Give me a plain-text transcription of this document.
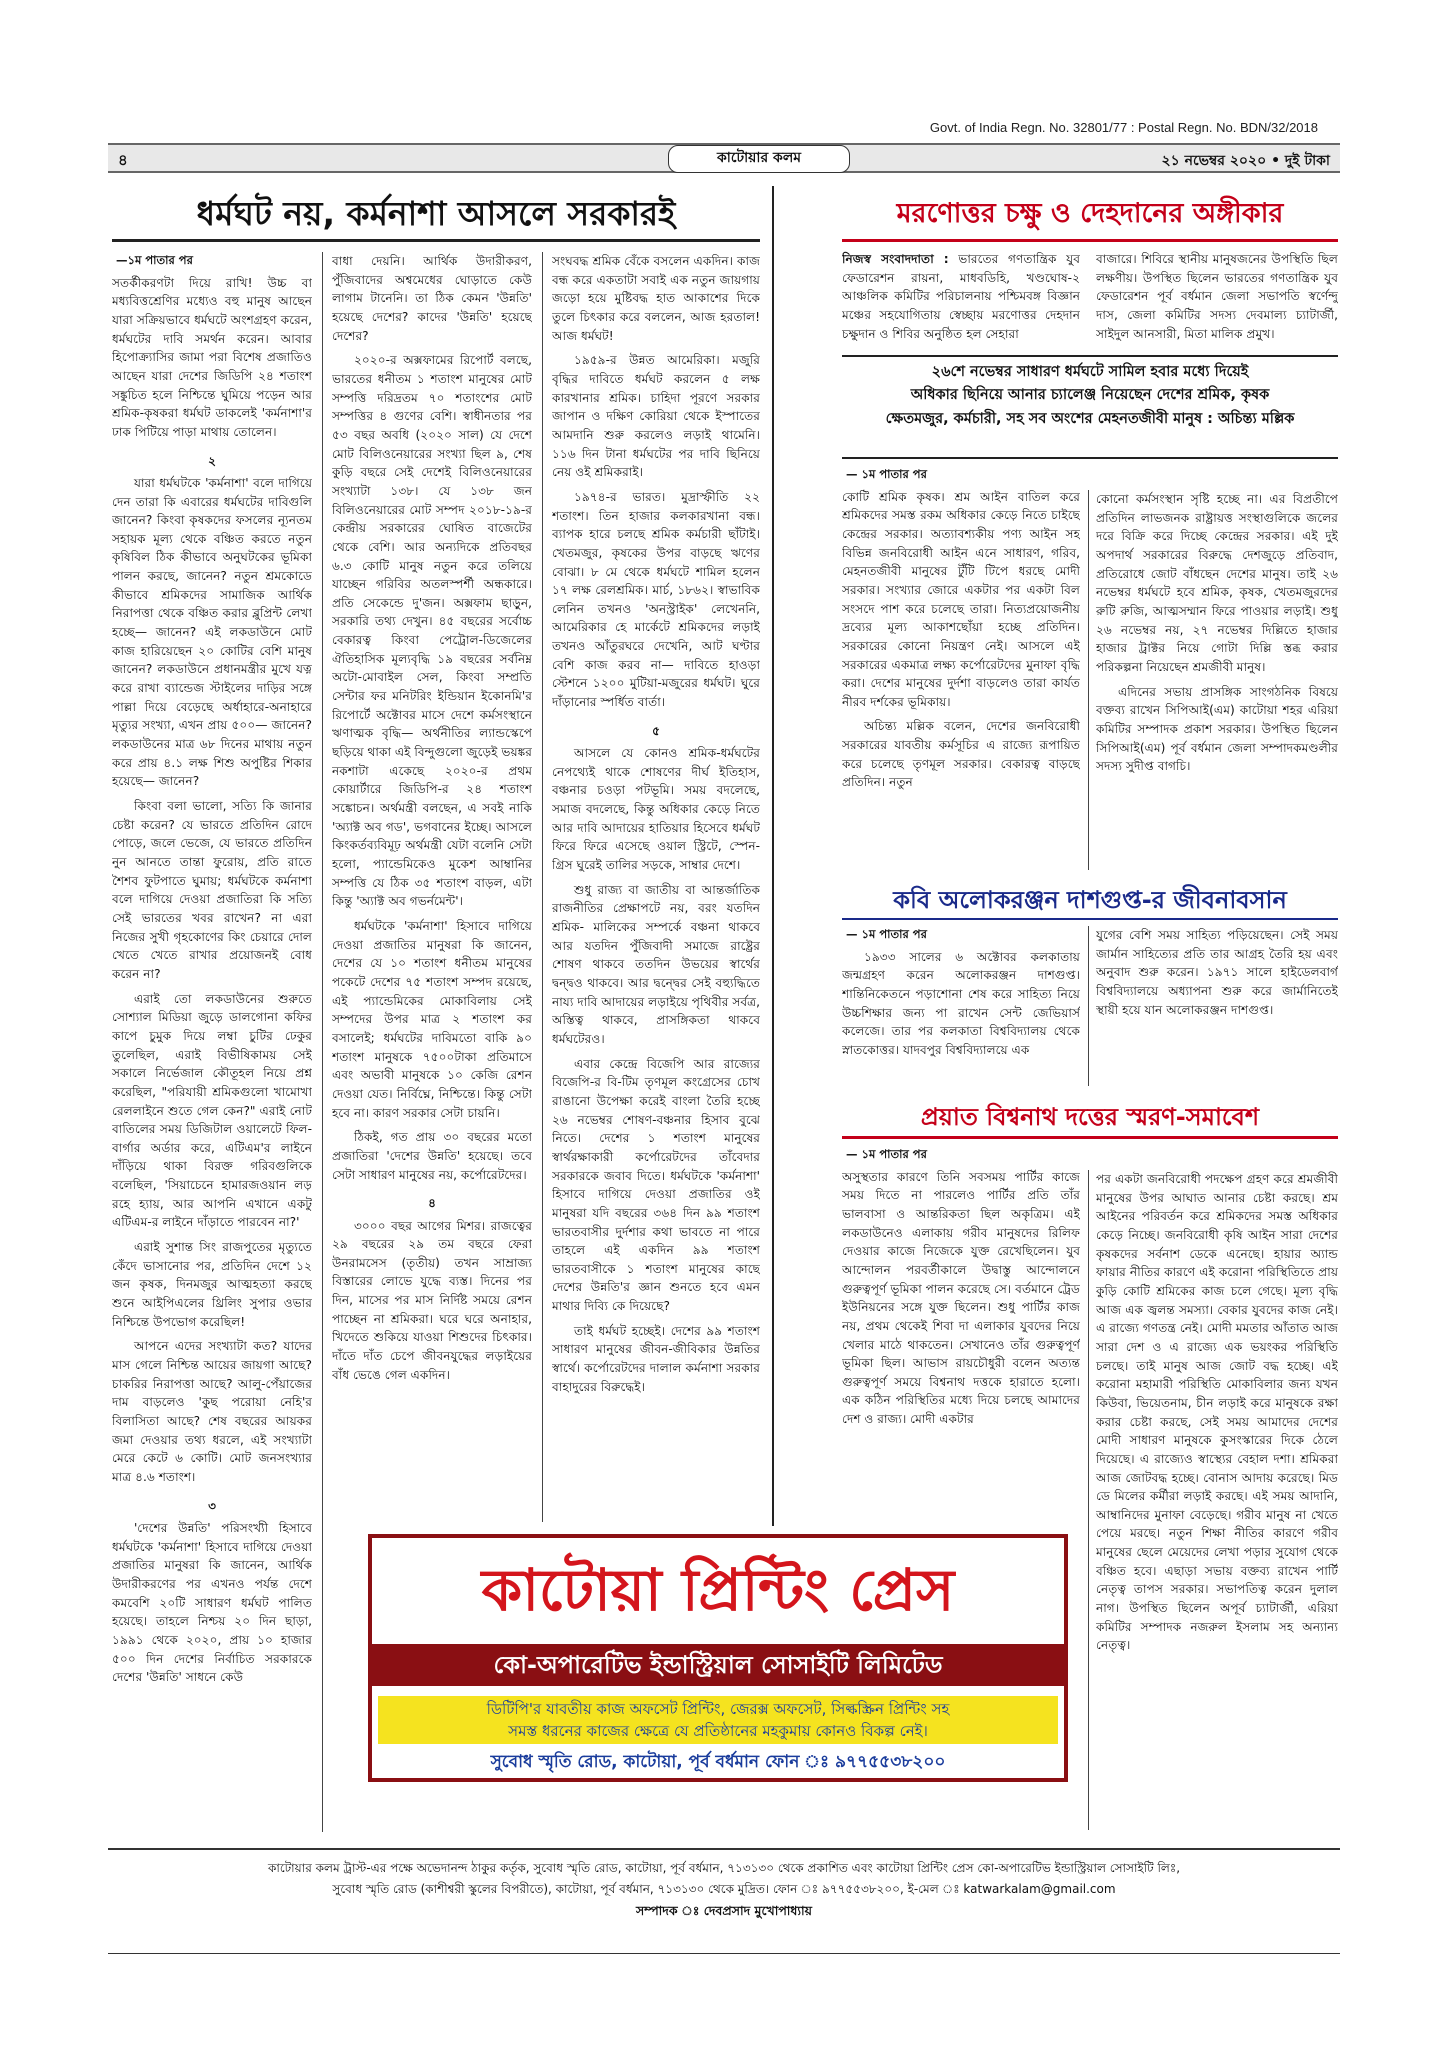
Govt. of India Regn. No. 32801/77 : Postal Regn. No. BDN/32/2018
৪	কাটোয়ার কলম	২১ নভেম্বর ২০২০ • দুই টাকা
ধর্মঘট নয়, কর্মনাশা আসলে সরকারই
—১ম পাতার পর

সতর্কীকরণটা দিয়ে রাখি! উচ্চ বা মধ্যবিত্তশ্রেণির মধ্যেও বহু মানুষ আছেন যারা সক্রিয়ভাবে ধর্মঘটে অংশগ্রহণ করেন, ধর্মঘটের দাবি সমর্থন করেন। আবার হিপোক্র্যাসির জামা পরা বিশেষ প্রজাতিও আছেন যারা দেশের জিডিপি ২৪ শতাংশ সঙ্কুচিত হলে নিশ্চিন্তে ঘুমিয়ে পড়েন আর শ্রমিক-কৃষকরা ধর্মঘট ডাকলেই 'কর্মনাশা'র ঢাক পিটিয়ে পাড়া মাথায় তোলেন।

২

যারা ধর্মঘটকে 'কর্মনাশা' বলে দাগিয়ে দেন তারা কি এবারের ধর্মঘটের দাবিগুলি জানেন? কিংবা কৃষকদের ফসলের ন্যূনতম সহায়ক মূল্য থেকে বঞ্চিত করতে নতুন কৃষিবিল ঠিক কীভাবে অনুঘটকের ভূমিকা পালন করছে, জানেন? নতুন শ্রমকোডে কীভাবে শ্রমিকদের সামাজিক আর্থিক নিরাপত্তা থেকে বঞ্চিত করার ব্লুপ্রিন্ট লেখা হচ্ছে— জানেন? এই লকডাউনে মোট কাজ হারিয়েছেন ২০ কোটির বেশি মানুষ জানেন? লকডাউনে প্রধানমন্ত্রীর মুখে যত্ন করে রাখা ব্যান্ডেজ স্টাইলের দাড়ির সঙ্গে পাল্লা দিয়ে বেড়েছে অর্ধাহারে-অনাহারে মৃত্যুর সংখ্যা, এখন প্রায় ৫০০— জানেন? লকডাউনের মাত্র ৬৮ দিনের মাথায় নতুন করে প্রায় ৪.১ লক্ষ শিশু অপুষ্টির শিকার হয়েছে— জানেন?

কিংবা বলা ভালো, সত্যি কি জানার চেষ্টা করেন? যে ভারতে প্রতিদিন রোদে পোড়ে, জলে ভেজে, যে ভারতে প্রতিদিন নুন আনতে তান্তা ফুরোয়, প্রতি রাতে শৈশব ফুটপাতে ঘুমায়; ধর্মঘটকে কর্মনাশা বলে দাগিয়ে দেওয়া প্রজাতিরা কি সত্যি সেই ভারতের খবর রাখেন? না এরা নিজের সুখী গৃহকোণের কিং চেয়ারে দোল খেতে খেতে রাখার প্রয়োজনই বোধ করেন না?

এরাই তো লকডাউনের শুরুতে সোশ্যাল মিডিয়া জুড়ে ডালগোনা কফির কাপে চুমুক দিয়ে লম্বা চুটির ঢেকুর তুলেছিল, এরাই বিভীষিকাময় সেই সকালে নির্ভেজাল কৌতূহল নিয়ে প্রশ্ন করেছিল, "পরিযায়ী শ্রমিকগুলো খামোখা রেললাইনে শুতে গেল কেন?" এরাই নোট বাতিলের সময় ডিজিটাল ওয়ালেটে ফিল-বার্গার অর্ডার করে, এটিএম'র লাইনে দাঁড়িয়ে থাকা বিরক্ত গরিবগুলিকে বলেছিল, 'সিয়াচেনে হামারজওয়ান লড় রহে হ্যায়, আর আপনি এখানে একটু এটিএম-র লাইনে দাঁড়াতে পারবেন না?'

এরাই সুশান্ত সিং রাজপুতের মৃত্যুতে কেঁদে ভাসানোর পর, প্রতিদিন দেশে ১২ জন কৃষক, দিনমজুর আত্মহত্যা করছে শুনে আইপিএলের থ্রিলিং সুপার ওভার নিশ্চিন্তে উপভোগ করেছিল!

আপনে এদের সংখ্যাটা কত? যাদের মাস গেলে নিশ্চিন্ত আয়ের জায়গা আছে? চাকরির নিরাপত্তা আছে? আলু-পেঁয়াজের দাম বাড়লেও 'কুছ পরোয়া নেহি'র বিলাসিতা আছে? শেষ বছরের আয়কর জমা দেওয়ার তথ্য ধরলে, এই সংখ্যাটা মেরে কেটে ৬ কোটি। মোট জনসংখ্যার মাত্র ৪.৬ শতাংশ।

৩

'দেশের উন্নতি' পরিসংখ্যী হিসাবে ধর্মঘটকে 'কর্মনাশা' হিসাবে দাগিয়ে দেওয়া প্রজাতির মানুষরা কি জানেন, আর্থিক উদারীকরণের পর এখনও পর্যন্ত দেশে কমবেশি ২০টি সাধারণ ধর্মঘট পালিত হয়েছে। তাহলে নিশ্চয় ২০ দিন ছাড়া, ১৯৯১ থেকে ২০২০, প্রায় ১০ হাজার ৫০০ দিন দেশের নির্বাচিত সরকারকে দেশের 'উন্নতি' সাধনে কেউ

বাধা দেয়নি। আর্থিক উদারীকরণ, পুঁজিবাদের অশ্বমেধের ঘোড়াতে কেউ লাগাম টানেনি। তা ঠিক কেমন 'উন্নতি' হয়েছে দেশের? কাদের 'উন্নতি' হয়েছে দেশের?

২০২০-র অক্সফামের রিপোর্ট বলছে, ভারতের ধনীতম ১ শতাংশ মানুষের মোট সম্পত্তি দরিদ্রতম ৭০ শতাংশের মোট সম্পত্তির ৪ গুণের বেশি। স্বাধীনতার পর ৫৩ বছর অবধি (২০২০ সাল) যে দেশে মোট বিলিওনেয়ারের সংখ্যা ছিল ৯, শেষ কুড়ি বছরে সেই দেশেই বিলিওনেয়ারের সংখ্যাটা ১৩৮। যে ১৩৮ জন বিলিওনেয়ারের মোট সম্পদ ২০১৮-১৯-র কেন্দ্রীয় সরকারের ঘোষিত বাজেটের থেকে বেশি। আর অন্যদিকে প্রতিবছর ৬.৩ কোটি মানুষ নতুন করে তলিয়ে যাচ্ছেন গরিবির অতলস্পর্শী অন্ধকারে। প্রতি সেকেন্ডে দু'জন। অক্সফাম ছাড়ুন, সরকারি তথ্য দেখুন। ৪৫ বছরের সর্বোচ্চ বেকারত্ব কিংবা পেট্রোল-ডিজেলের ঐতিহাসিক মূল্যবৃদ্ধি ১৯ বছরের সর্বনিম্ন অটো-মোবাইল সেল, কিংবা সম্প্রতি সেন্টার ফর মনিটরিং ইন্ডিয়ান ইকোনমি'র রিপোর্টে অক্টোবর মাসে দেশে কর্মসংস্থানে ঋণাত্মক বৃদ্ধি— অর্থনীতির ল্যান্ডস্কেপে ছড়িয়ে থাকা এই বিন্দুগুলো জুড়েই ভয়ঙ্কর নকশাটা একেছে ২০২০-র প্রথম কোয়ার্টারে জিডিপি-র ২৪ শতাংশ সঙ্কোচন। অর্থমন্ত্রী বলছেন, এ সবই নাকি 'অ্যাক্ট অব গড', ভগবানের ইচ্ছে। আসলে কিংকর্তব্যবিমূঢ় অর্থমন্ত্রী যেটা বলেনি সেটা হলো, প্যান্ডেমিকেও মুকেশ আম্বানির সম্পত্তি যে ঠিক ৩৫ শতাংশ বাড়ল, এটা কিন্তু 'অ্যাক্ট অব গভর্নমেন্ট'।

ধর্মঘটকে 'কর্মনাশা' হিসাবে দাগিয়ে দেওয়া প্রজাতির মানুষরা কি জানেন, দেশের যে ১০ শতাংশ ধনীতম মানুষের পকেটে দেশের ৭৫ শতাংশ সম্পদ রয়েছে, এই প্যান্ডেমিকের মোকাবিলায় সেই সম্পদের উপর মাত্র ২ শতাংশ কর বসালেই; ধর্মঘটের দাবিমতো বাকি ৯০ শতাংশ মানুষকে ৭৫০০টাকা প্রতিমাসে এবং অভাবী মানুষকে ১০ কেজি রেশন দেওয়া যেত। নির্বিঘ্নে, নিশ্চিন্তে। কিন্তু সেটা হবে না। কারণ সরকার সেটা চায়নি।

ঠিকই, গত প্রায় ৩০ বছরের মতো প্রজাতিরা 'দেশের উন্নতি' হয়েছে। তবে সেটা সাধারণ মানুষের নয়, কর্পোরেটদের।

৪

৩০০০ বছর আগের মিশর। রাজত্বের ২৯ বছরের ২৯ তম বছরে ফেরা উনরামসেস (তৃতীয়) তখন সাম্রাজ্য বিস্তারের লোভে যুদ্ধে ব্যস্ত। দিনের পর দিন, মাসের পর মাস নির্দিষ্ট সময়ে রেশন পাচ্ছেন না শ্রমিকরা। ঘরে ঘরে অনাহার, খিদেতে শুকিয়ে যাওয়া শিশুদের চিৎকার। দাঁতে দাঁত চেপে জীবনযুদ্ধের লড়াইয়ের বাঁধ ভেঙে গেল একদিন।

সংঘবদ্ধ শ্রমিক বেঁকে বসলেন একদিন। কাজ বন্ধ করে একতাটা সবাই এক নতুন জায়গায় জড়ো হয়ে মুষ্টিবদ্ধ হাত আকাশের দিকে তুলে চিৎকার করে বললেন, আজ হরতাল! আজ ধর্মঘট!

১৯৫৯-র উন্নত আমেরিকা। মজুরি বৃদ্ধির দাবিতে ধর্মঘট করলেন ৫ লক্ষ কারখানার শ্রমিক। চাহিদা পূরণে সরকার জাপান ও দক্ষিণ কোরিয়া থেকে ইস্পাতের আমদানি শুরু করলেও লড়াই থামেনি। ১১৬ দিন টানা ধর্মঘটের পর দাবি ছিনিয়ে নেয় ওই শ্রমিকরাই।

১৯৭৪-র ভারত। মুদ্রাস্ফীতি ২২ শতাংশ। তিন হাজার কলকারখানা বন্ধ। ব্যাপক হারে চলছে শ্রমিক কর্মচারী ছাঁটাই। খেতমজুর, কৃষকের উপর বাড়ছে ঋণের বোঝা। ৮ মে থেকে ধর্মঘটে শামিল হলেন ১৭ লক্ষ রেলশ্রমিক। মার্চ, ১৮৬২। স্বাভাবিক লেনিন তখনও 'অনস্ট্রাইক' লেখেননি, আমেরিকার হে মার্কেটে শ্রমিকদের লড়াই তখনও আঁতুরঘরে দেখেনি, আট ঘণ্টার বেশি কাজ করব না— দাবিতে হাওড়া স্টেশনে ১২০০ মুটিয়া-মজুরের ধর্মঘট। ঘুরে দাঁড়ানোর স্পর্ধিত বার্তা।

৫

আসলে যে কোনও শ্রমিক-ধর্মঘটের নেপথ্যেই থাকে শোষণের দীর্ঘ ইতিহাস, বঞ্চনার চওড়া পটভূমি। সময় বদলেছে, সমাজ বদলেছে, কিন্তু অধিকার কেড়ে নিতে আর দাবি আদায়ের হাতিয়ার হিসেবে ধর্মঘট ফিরে ফিরে এসেছে ওয়াল স্ট্রিটে, স্পেন-গ্রিস ঘুরেই তালির সড়কে, সাম্বার দেশে।

শুধু রাজ্য বা জাতীয় বা আন্তর্জাতিক রাজনীতির প্রেক্ষাপটে নয়, বরং যতদিন শ্রমিক- মালিকের সম্পর্কে বঞ্চনা থাকবে আর যতদিন পুঁজিবাদী সমাজে রাষ্ট্রের শোষণ থাকবে ততদিন উভয়ের স্বার্থের দ্বন্দ্বও থাকবে। আর দ্বন্দ্বের সেই বহ্যুদ্ধিতে নায্য দাবি আদায়ের লড়াইয়ে পৃথিবীর সর্বত্র, অস্তিত্ব থাকবে, প্রাসঙ্গিকতা থাকবে ধর্মঘটেরও।

এবার কেন্দ্রে বিজেপি আর রাজ্যের বিজেপি-র বি-টিম তৃণমূল কংগ্রেসের চোখ রাঙানো উপেক্ষা করেই বাংলা তৈরি হচ্ছে ২৬ নভেম্বর শোষণ-বঞ্চনার হিসাব বুঝে নিতে। দেশের ১ শতাংশ মানুষের স্বার্থরক্ষাকারী কর্পোরেটদের তাঁবেদার সরকারকে জবাব দিতে। ধর্মঘটকে 'কর্মনাশা' হিসাবে দাগিয়ে দেওয়া প্রজাতির ওই মানুষরা যদি বছরের ৩৬৪ দিন ৯৯ শতাংশ ভারতবাসীর দুর্দশার কথা ভাবতে না পারে তাহলে এই একদিন ৯৯ শতাংশ ভারতবাসীকে ১ শতাংশ মানুষের কাছে দেশের উন্নতি'র জ্ঞান শুনতে হবে এমন মাথার দিব্যি কে দিয়েছে?

তাই ধর্মঘট হচ্ছেই। দেশের ৯৯ শতাংশ সাধারণ মানুষের জীবন-জীবিকার উন্নতির স্বার্থে। কর্পোরেটদের দালাল কর্মনাশা সরকার বাহাদুরের বিরুদ্ধেই।

মরণোত্তর চক্ষু ও দেহদানের অঙ্গীকার

নিজস্ব সংবাদদাতা : ভারতের গণতান্ত্রিক যুব ফেডারেশন রায়না, মাধবডিহি, খণ্ডঘোষ-২ আঞ্চলিক কমিটির পরিচালনায় পশ্চিমবঙ্গ বিজ্ঞান মঞ্চের সহযোগিতায় স্বেচ্ছায় মরণোত্তর দেহদান চক্ষুদান ও শিবির অনুষ্ঠিত হল সেহারা

বাজারে। শিবিরে স্থানীয় মানুষজনের উপস্থিতি ছিল লক্ষণীয়। উপস্থিত ছিলেন ভারতের গণতান্ত্রিক যুব ফেডারেশন পূর্ব বর্ধমান জেলা সভাপতি স্বর্ণেন্দু দাস, জেলা কমিটির সদস্য দেবমাল্য চ্যাটার্জী, সাইদুল আনসারী, মিতা মালিক প্রমুখ।

২৬শে নভেম্বর সাধারণ ধর্মঘটে সামিল হবার মধ্যে দিয়েই
অধিকার ছিনিয়ে আনার চ্যালেঞ্জ নিয়েছেন দেশের শ্রমিক, কৃষক
ক্ষেতমজুর, কর্মচারী, সহ সব অংশের মেহনতজীবী মানুষ : অচিন্ত্য মল্লিক
— ১ম পাতার পর

কোটি শ্রমিক কৃষক। শ্রম আইন বাতিল করে শ্রমিকদের সমস্ত রকম অধিকার কেড়ে নিতে চাইছে কেন্দ্রের সরকার। অত্যাবশ্যকীয় পণ্য আইন সহ বিভিন্ন জনবিরোধী আইন এনে সাধারণ, গরিব, মেহনতজীবী মানুষের টুঁটি টিপে ধরছে মোদী সরকার। সংখ্যার জোরে একটার পর একটা বিল সংসদে পাশ করে চলেছে তারা। নিত্যপ্রয়োজনীয় দ্রব্যের মূল্য আকাশছোঁয়া হচ্ছে প্রতিদিন। সরকারের কোনো নিয়ন্ত্রণ নেই। আসলে এই সরকারের একমাত্র লক্ষ্য কর্পোরেটদের মুনাফা বৃদ্ধি করা। দেশের মানুষের দুর্দশা বাড়লেও তারা কার্যত নীরব দর্শকের ভূমিকায়।

অচিন্ত্য মল্লিক বলেন, দেশের জনবিরোধী সরকারের যাবতীয় কর্মসূচির এ রাজ্যে রূপায়িত করে চলেছে তৃণমূল সরকার। বেকারত্ব বাড়ছে প্রতিদিন। নতুন

কোনো কর্মসংস্থান সৃষ্টি হচ্ছে না। এর বিপ্রতীপে প্রতিদিন লাভজনক রাষ্ট্রায়ত্ত সংস্থাগুলিকে জলের দরে বিক্রি করে দিচ্ছে কেন্দ্রের সরকার। এই দুই অপদার্থ সরকারের বিরুদ্ধে দেশজুড়ে প্রতিবাদ, প্রতিরোধে জোট বাঁধছেন দেশের মানুষ। তাই ২৬ নভেম্বর ধর্মঘটে হবে শ্রমিক, কৃষক, খেতমজুরদের রুটি রুজি, আত্মসম্মান ফিরে পাওয়ার লড়াই। শুধু ২৬ নভেম্বর নয়, ২৭ নভেম্বর দিল্লিতে হাজার হাজার ট্রাক্টর নিয়ে গোটা দিল্লি স্তব্ধ করার পরিকল্পনা নিয়েছেন শ্রমজীবী মানুষ।

এদিনের সভায় প্রাসঙ্গিক সাংগঠনিক বিষয়ে বক্তব্য রাখেন সিপিআই(এম) কাটোয়া শহর এরিয়া কমিটির সম্পাদক প্রকাশ সরকার। উপস্থিত ছিলেন সিপিআই(এম) পূর্ব বর্ধমান জেলা সম্পাদকমণ্ডলীর সদস্য সুদীপ্ত বাগচি।

কবি অলোকরঞ্জন দাশগুপ্ত-র জীবনাবসান
— ১ম পাতার পর

১৯৩৩ সালের ৬ অক্টোবর কলকাতায় জন্মগ্রহণ করেন অলোকরঞ্জন দাশগুপ্ত। শান্তিনিকেতনে পড়াশোনা শেষ করে সাহিত্য নিয়ে উচ্চশিক্ষার জন্য পা রাখেন সেন্ট জেভিয়ার্স কলেজে। তার পর কলকাতা বিশ্ববিদ্যালয় থেকে স্নাতকোত্তর। যাদবপুর বিশ্ববিদ্যালয়ে এক

যুগের বেশি সময় সাহিত্য পড়িয়েছেন। সেই সময় জার্মান সাহিত্যের প্রতি তার আগ্রহ তৈরি হয় এবং অনুবাদ শুরু করেন। ১৯৭১ সালে হাইডেলবার্গ বিশ্ববিদ্যালয়ে অধ্যাপনা শুরু করে জার্মানিতেই স্থায়ী হয়ে যান অলোকরঞ্জন দাশগুপ্ত।

প্রয়াত বিশ্বনাথ দত্তের স্মরণ-সমাবেশ
— ১ম পাতার পর

অসুস্থতার কারণে তিনি সবসময় পার্টির কাজে সময় দিতে না পারলেও পার্টির প্রতি তাঁর ভালবাসা ও আন্তরিকতা ছিল অকৃত্রিম। এই লকডাউনেও এলাকায় গরীব মানুষদের রিলিফ দেওয়ার কাজে নিজেকে যুক্ত রেখেছিলেন। যুব আন্দোলন পরবর্তীকালে উদ্বাস্তু আন্দোলনে গুরুত্বপূর্ণ ভূমিকা পালন করেছে সে। বর্তমানে ট্রেড ইউনিয়নের সঙ্গে যুক্ত ছিলেন। শুধু পার্টির কাজ নয়, প্রথম থেকেই শিবা দা এলাকার যুবদের নিয়ে খেলার মাঠে থাকতেন। সেখানেও তাঁর গুরুত্বপূর্ণ ভূমিকা ছিল। আভাস রায়চৌধুরী বলেন অত্যন্ত গুরুত্বপূর্ণ সময়ে বিশ্বনাথ দত্তকে হারাতে হলো। এক কঠিন পরিস্থিতির মধ্যে দিয়ে চলছে আমাদের দেশ ও রাজ্য। মোদী একটার

পর একটা জনবিরোধী পদক্ষেপ গ্রহণ করে শ্রমজীবী মানুষের উপর আঘাত আনার চেষ্টা করছে। শ্রম আইনের পরিবর্তন করে শ্রমিকদের সমস্ত অধিকার কেড়ে নিচ্ছে। জনবিরোধী কৃষি আইন সারা দেশের কৃষকদের সর্বনাশ ডেকে এনেছে। হায়ার অ্যান্ড ফায়ার নীতির কারণে এই করোনা পরিস্থিতিতে প্রায় কুড়ি কোটি শ্রমিকের কাজ চলে গেছে। মূল্য বৃদ্ধি আজ এক জ্বলন্ত সমস্যা। বেকার যুবদের কাজ নেই। এ রাজ্যে গণতন্ত্র নেই। মোদী মমতার আঁতাত আজ সারা দেশ ও এ রাজ্যে এক ভয়ংকর পরিস্থিতি চলছে। তাই মানুষ আজ জোট বদ্ধ হচ্ছে। এই করোনা মহামারী পরিস্থিতি মোকাবিলার জন্য যখন কিউবা, ভিয়েতনাম, চীন লড়াই করে মানুষকে রক্ষা করার চেষ্টা করছে, সেই সময় আমাদের দেশের মোদী সাধারণ মানুষকে কুসংস্কারের দিকে ঠেলে দিয়েছে। এ রাজ্যেও স্বাস্থ্যের বেহাল দশা। শ্রমিকরা আজ জোটবদ্ধ হচ্ছে। বোনাস আদায় করেছে। মিড ডে মিলের কর্মীরা লড়াই করছে। এই সময় আদানি, আম্বানিদের মুনাফা বেড়েছে। গরীব মানুষ না খেতে পেয়ে মরছে। নতুন শিক্ষা নীতির কারণে গরীব মানুষের ছেলে মেয়েদের লেখা পড়ার সুযোগ থেকে বঞ্চিত হবে। এছাড়া সভায় বক্তব্য রাখেন পার্টি নেতৃত্ব তাপস সরকার। সভাপতিত্ব করেন দুলাল নাগ। উপস্থিত ছিলেন অপূর্ব চ্যাটার্জী, এরিয়া কমিটির সম্পাদক নজরুল ইসলাম সহ অন্যান্য নেতৃত্ব।

কাটোয়া প্রিন্টিং প্রেস
কো-অপারেটিভ ইন্ডাস্ট্রিয়াল সোসাইটি লিমিটেড
ডিটিপি'র যাবতীয় কাজ অফসেট প্রিন্টিং, জেরক্স অফসেট, সিল্কস্ক্রিন প্রিন্টিং সহ
সমস্ত ধরনের কাজের ক্ষেত্রে যে প্রতিষ্ঠানের মহকুমায় কোনও বিকল্প নেই।
সুবোধ স্মৃতি রোড, কাটোয়া, পূর্ব বর্ধমান ফোন ঃ ৯৭৭৫৫৩৮২০০
কাটোয়ার কলম ট্রাস্ট-এর পক্ষে অভেদানন্দ ঠাকুর কর্তৃক, সুবোধ স্মৃতি রোড, কাটোয়া, পূর্ব বর্ধমান, ৭১৩১৩০ থেকে প্রকাশিত এবং কাটোয়া প্রিন্টিং প্রেস কো-অপারেটিভ ইন্ডাস্ট্রিয়াল সোসাইটি লিঃ,
সুবোধ স্মৃতি রোড (কাশীশ্বরী স্কুলের বিপরীতে), কাটোয়া, পূর্ব বর্ধমান, ৭১৩১৩০ থেকে মুদ্রিত। ফোন ঃ ৯৭৭৫৫৩৮২০০, ই-মেল ঃ katwarkalam@gmail.com
সম্পাদক ঃ দেবপ্রসাদ মুখোপাধ্যায়
